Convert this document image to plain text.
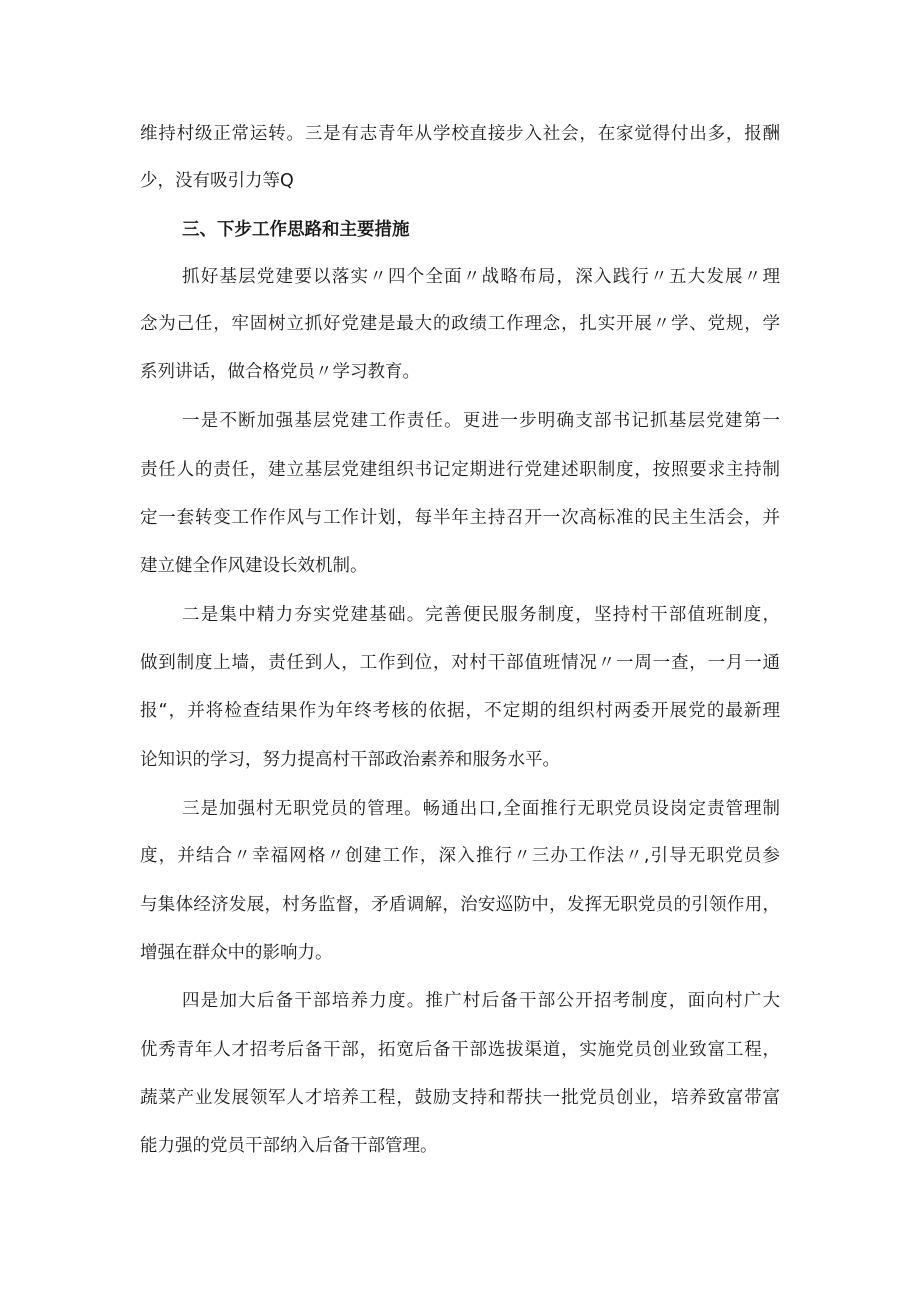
维持村级正常运转。三是有志青年从学校直接步入社会，在家觉得付出多，报酬
少，没有吸引力等Q
三、下步工作思路和主要措施
抓好基层党建要以落实〃四个全面〃战略布局，深入践行〃五大发展〃理
念为己任，牢固树立抓好党建是最大的政绩工作理念，扎实开展〃学、党规，学
系列讲话，做合格党员〃学习教育。
一是不断加强基层党建工作责任。更进一步明确支部书记抓基层党建第一
责任人的责任，建立基层党建组织书记定期进行党建述职制度，按照要求主持制
定一套转变工作作风与工作计划，每半年主持召开一次高标准的民主生活会，并
建立健全作风建设长效机制。
二是集中精力夯实党建基础。完善便民服务制度，坚持村干部值班制度，
做到制度上墙，责任到人，工作到位，对村干部值班情况〃一周一查，一月一通
报“，并将检查结果作为年终考核的依据，不定期的组织村两委开展党的最新理
论知识的学习，努力提高村干部政治素养和服务水平。
三是加强村无职党员的管理。畅通出口,全面推行无职党员设岗定责管理制
度，并结合〃幸福网格〃创建工作，深入推行〃三办工作法〃,引导无职党员参
与集体经济发展，村务监督，矛盾调解，治安巡防中，发挥无职党员的引领作用，
增强在群众中的影响力。
四是加大后备干部培养力度。推广村后备干部公开招考制度，面向村广大
优秀青年人才招考后备干部，拓宽后备干部选拔渠道，实施党员创业致富工程，
蔬菜产业发展领军人才培养工程，鼓励支持和帮扶一批党员创业，培养致富带富
能力强的党员干部纳入后备干部管理。
